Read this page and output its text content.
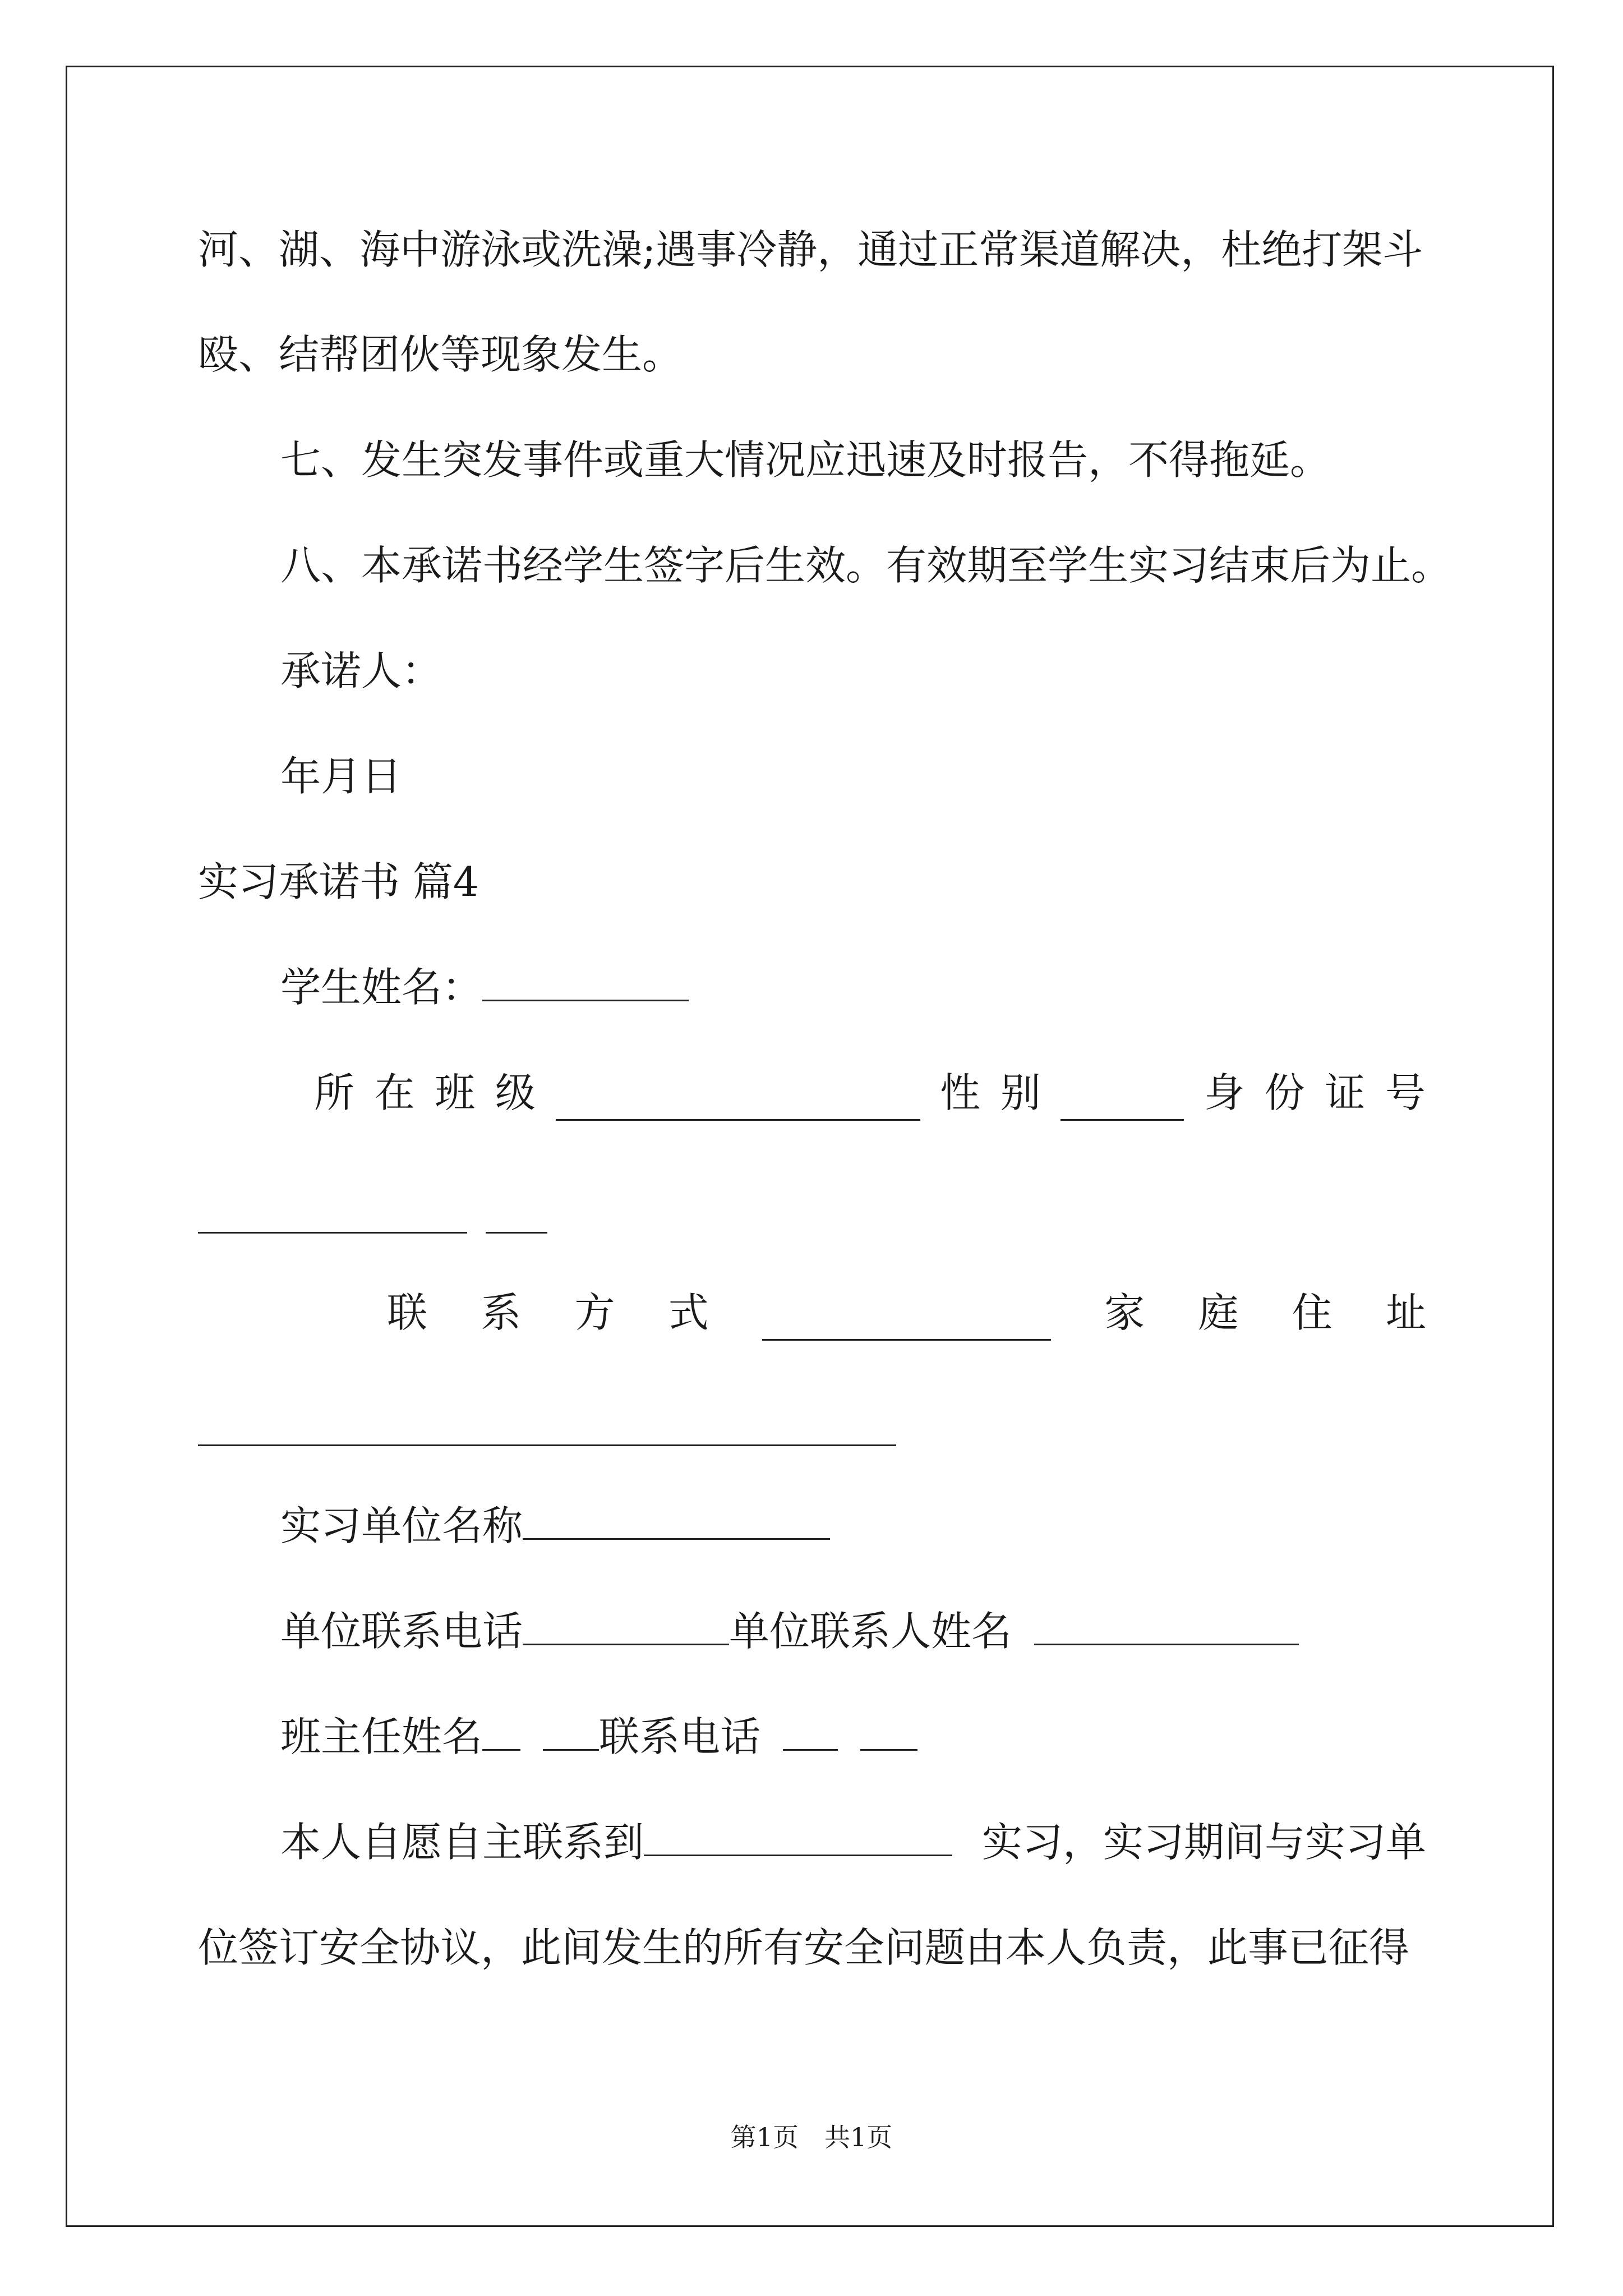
河、湖、海中游泳或洗澡;遇事冷静，通过正常渠道解决，杜绝打架斗
殴、结帮团伙等现象发生。
七、发生突发事件或重大情况应迅速及时报告，不得拖延。
八、本承诺书经学生签字后生效。有效期至学生实习结束后为止。
承诺人：
年月日
实习承诺书 篇4
学生姓名：
所 在 班 级	性 别	身 份 证 号
联 系 方 式	家 庭 住 址
实习单位名称
单位联系电话	单位联系人姓名
班主任姓名	联系电话
本人自愿自主联系到	实习，实习期间与实习单
位签订安全协议，此间发生的所有安全问题由本人负责，此事已征得
第1页　共1页
